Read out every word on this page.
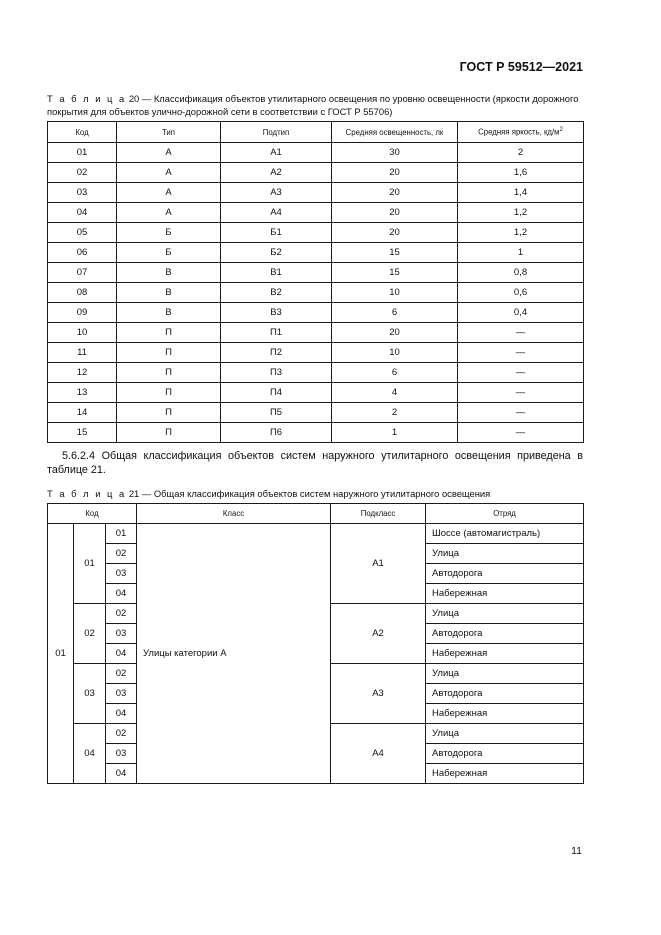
ГОСТ Р 59512—2021
Т а б л и ц а 20 — Классификация объектов утилитарного освещения по уровню освещенности (яркости дорожного покрытия для объектов улично-дорожной сети в соответствии с ГОСТ Р 55706)
Код	Тип	Подтип	Средняя освещенность, лк	Средняя яркость, $кд/м^2$
01	А	А1	30	2
02	А	А2	20	1,6
03	А	А3	20	1,4
04	А	А4	20	1,2
05	Б	Б1	20	1,2
06	Б	Б2	15	1
07	В	В1	15	0,8
08	В	В2	10	0,6
09	В	В3	6	0,4
10	П	П1	20	—
11	П	П2	10	—
12	П	П3	6	—
13	П	П4	4	—
14	П	П5	2	—
15	П	П6	1	—
5.6.2.4 Общая классификация объектов систем наружного утилитарного освещения приведена в таблице 21.
Т а б л и ц а 21 — Общая классификация объектов систем наружного утилитарного освещения
Код			Класс	Подкласс	Отряд
01	01	01	Улицы категории А	А1	Шоссе (автомагистраль)
		02			Улица
		03			Автодорога
		04			Набережная
	02	02		А2	Улица
		03			Автодорога
		04			Набережная
	03	02		А3	Улица
		03			Автодорога
		04			Набережная
	04	02		А4	Улица
		03			Автодорога
		04			Набережная
11
